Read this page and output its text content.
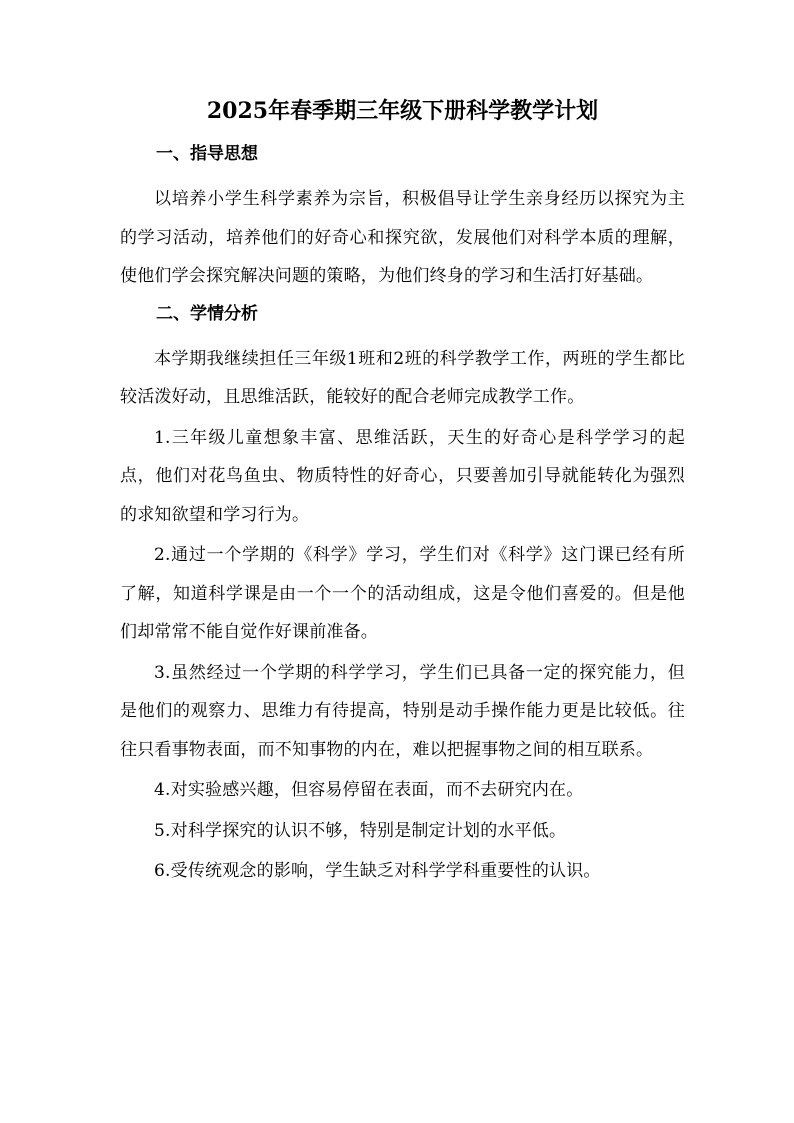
2025年春季期三年级下册科学教学计划
一、指导思想

以培养小学生科学素养为宗旨，积极倡导让学生亲身经历以探究为主的学习活动，培养他们的好奇心和探究欲，发展他们对科学本质的理解，使他们学会探究解决问题的策略，为他们终身的学习和生活打好基础。

二、学情分析

本学期我继续担任三年级1班和2班的科学教学工作，两班的学生都比较活泼好动，且思维活跃，能较好的配合老师完成教学工作。

1.三年级儿童想象丰富、思维活跃，天生的好奇心是科学学习的起点，他们对花鸟鱼虫、物质特性的好奇心，只要善加引导就能转化为强烈的求知欲望和学习行为。

2.通过一个学期的《科学》学习，学生们对《科学》这门课已经有所了解，知道科学课是由一个一个的活动组成，这是令他们喜爱的。但是他们却常常不能自觉作好课前准备。

3.虽然经过一个学期的科学学习，学生们已具备一定的探究能力，但是他们的观察力、思维力有待提高，特别是动手操作能力更是比较低。往往只看事物表面，而不知事物的内在，难以把握事物之间的相互联系。

4.对实验感兴趣，但容易停留在表面，而不去研究内在。

5.对科学探究的认识不够，特别是制定计划的水平低。

6.受传统观念的影响，学生缺乏对科学学科重要性的认识。
